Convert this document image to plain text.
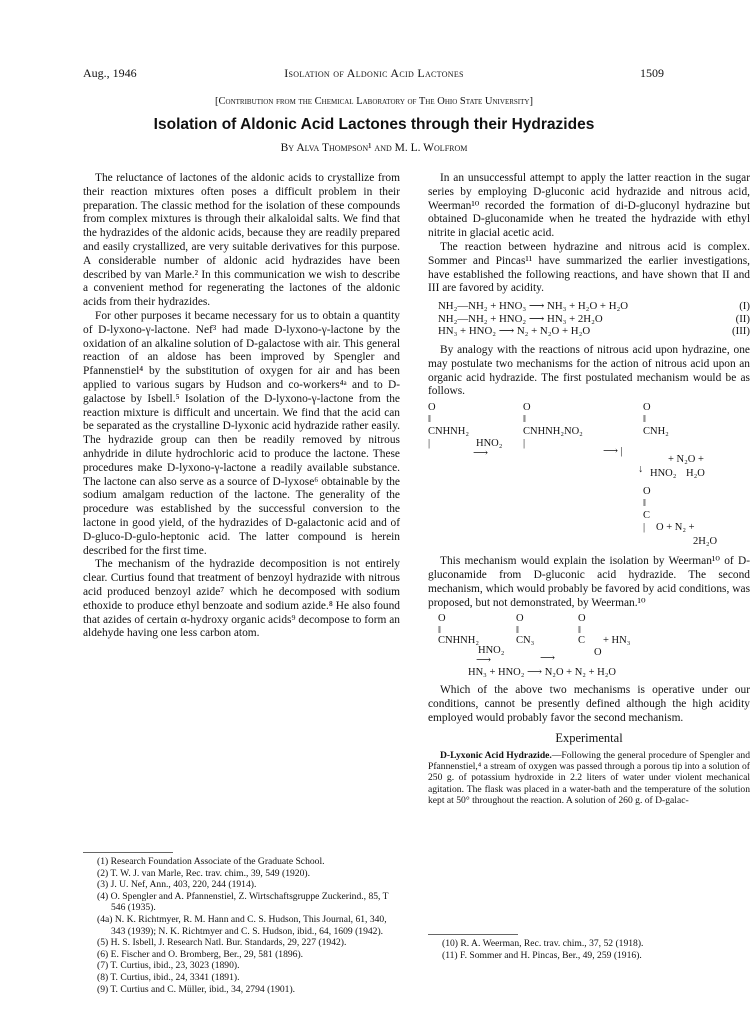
Aug., 1946	Isolation of Aldonic Acid Lactones	1509
[Contribution from the Chemical Laboratory of The Ohio State University]
Isolation of Aldonic Acid Lactones through their Hydrazides
By Alva Thompson¹ and M. L. Wolfrom

The reluctance of lactones of the aldonic acids to crystallize from their reaction mixtures often poses a difficult problem in their preparation. The classic method for the isolation of these compounds from complex mixtures is through their alkaloidal salts. We find that the hydrazides of the aldonic acids, because they are readily prepared and easily crystallized, are very suitable derivatives for this purpose. A considerable number of aldonic acid hydrazides have been described by van Marle.² In this communication we wish to describe a convenient method for regenerating the lactones of the aldonic acids from their hydrazides.

For other purposes it became necessary for us to obtain a quantity of D-lyxono-γ-lactone. Nef³ had made D-lyxono-γ-lactone by the oxidation of an alkaline solution of D-galactose with air. This general reaction of an aldose has been improved by Spengler and Pfannenstiel⁴ by the substitution of oxygen for air and has been applied to various sugars by Hudson and co-workers⁴ᵃ and to D-galactose by Isbell.⁵ Isolation of the D-lyxono-γ-lactone from the reaction mixture is difficult and uncertain. We find that the acid can be separated as the crystalline D-lyxonic acid hydrazide rather easily. The hydrazide group can then be readily removed by nitrous anhydride in dilute hydrochloric acid to produce the lactone. These procedures make D-lyxono-γ-lactone a readily available substance. The lactone can also serve as a source of D-lyxose⁶ obtainable by the sodium amalgam reduction of the lactone. The generality of the procedure was established by the successful conversion to the lactone in good yield, of the hydrazides of D-galactonic acid and of D-gluco-D-gulo-heptonic acid. The latter compound is herein described for the first time.

The mechanism of the hydrazide decomposition is not entirely clear. Curtius found that treatment of benzoyl hydrazide with nitrous acid produced benzoyl azide⁷ which he decomposed with sodium ethoxide to produce ethyl benzoate and sodium azide.⁸ He also found that azides of certain α-hydroxy organic acids⁹ decompose to form an aldehyde having one less carbon atom.

(1) Research Foundation Associate of the Graduate School.
(2) T. W. J. van Marle, Rec. trav. chim., 39, 549 (1920).
(3) J. U. Nef, Ann., 403, 220, 244 (1914).
(4) O. Spengler and A. Pfannenstiel, Z. Wirtschaftsgruppe Zuckerind., 85, T 546 (1935).
(4a) N. K. Richtmyer, R. M. Hann and C. S. Hudson, This Journal, 61, 340, 343 (1939); N. K. Richtmyer and C. S. Hudson, ibid., 64, 1609 (1942).
(5) H. S. Isbell, J. Research Natl. Bur. Standards, 29, 227 (1942).
(6) E. Fischer and O. Bromberg, Ber., 29, 581 (1896).
(7) T. Curtius, ibid., 23, 3023 (1890).
(8) T. Curtius, ibid., 24, 3341 (1891).
(9) T. Curtius and C. Müller, ibid., 34, 2794 (1901).

In an unsuccessful attempt to apply the latter reaction in the sugar series by employing D-gluconic acid hydrazide and nitrous acid, Weerman¹⁰ recorded the formation of di-D-gluconyl hydrazine but obtained D-gluconamide when he treated the hydrazide with ethyl nitrite in glacial acetic acid.

The reaction between hydrazine and nitrous acid is complex. Sommer and Pincas¹¹ have summarized the earlier investigations, have established the following reactions, and have shown that II and III are favored by acidity.

NH₂—NH₂ + HNO₃ ⟶ NH₃ + H₂O + H₂O	(I)
NH₂—NH₂ + HNO₂ ⟶ HN₃ + 2H₂O	(II)
HN₃ + HNO₂ ⟶ N₂ + N₂O + H₂O	(III)

By analogy with the reactions of nitrous acid upon hydrazine, one may postulate two mechanisms for the action of nitrous acid upon an organic acid hydrazide. The first postulated mechanism would be as follows.

O	O	O
‖	‖	‖
CNHNH₂	CNHNH₂NO₂	CNH₂
|	|
HNO₂
⟶	⟶ |
+ N₂O +
H₂O
↓ HNO₂
O
‖
C
O + N₂ +
|
2H₂O

This mechanism would explain the isolation by Weerman¹⁰ of D-gluconamide from D-gluconic acid hydrazide. The second mechanism, which would probably be favored by acid conditions, was proposed, but not demonstrated, by Weerman.¹⁰

O	O	O
‖	‖	‖
CNHNH₂	CN₃	C + HN₃
HNO₂
⟶	⟶
O
HN₃ + HNO₂ ⟶ N₂O + N₂ + H₂O

Which of the above two mechanisms is operative under our conditions, cannot be presently defined although the high acidity employed would probably favor the second mechanism.

Experimental

D-Lyxonic Acid Hydrazide.—Following the general procedure of Spengler and Pfannenstiel,⁴ a stream of oxygen was passed through a porous tip into a solution of 250 g. of potassium hydroxide in 2.2 liters of water under violent mechanical agitation. The flask was placed in a water-bath and the temperature of the solution kept at 50° throughout the reaction. A solution of 260 g. of D-galac-

(10) R. A. Weerman, Rec. trav. chim., 37, 52 (1918).
(11) F. Sommer and H. Pincas, Ber., 49, 259 (1916).
